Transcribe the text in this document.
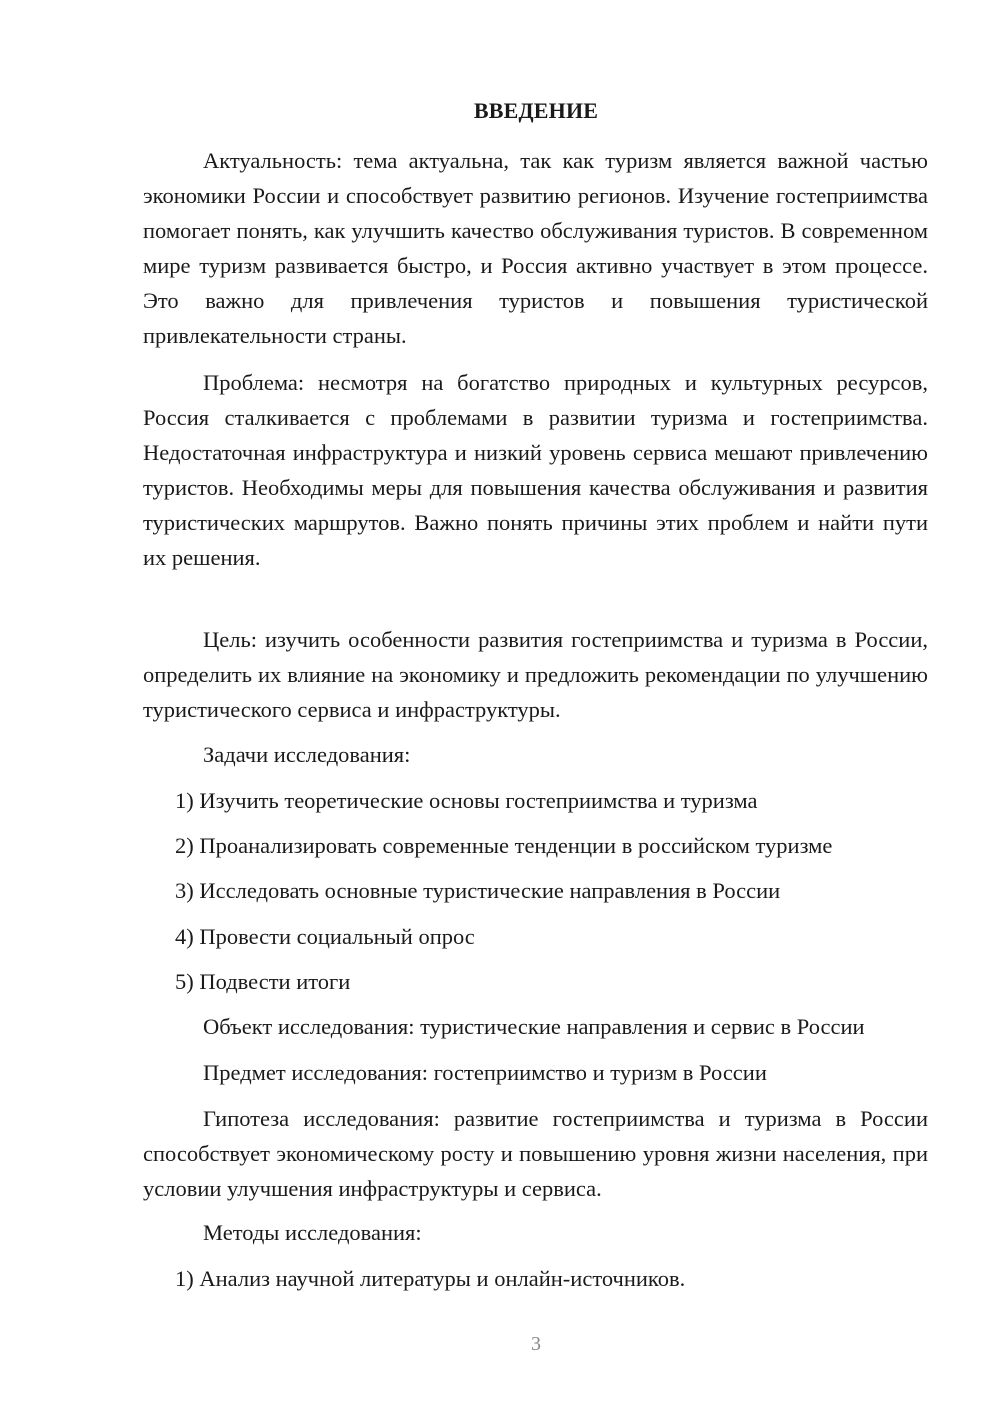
ВВЕДЕНИЕ

Актуальность: тема актуальна, так как туризм является важной частью экономики России и способствует развитию регионов. Изучение гостеприимства помогает понять, как улучшить качество обслуживания туристов. В современном мире туризм развивается быстро, и Россия активно участвует в этом процессе. Это важно для привлечения туристов и повышения туристической привлекательности страны.

Проблема: несмотря на богатство природных и культурных ресурсов, Россия сталкивается с проблемами в развитии туризма и гостеприимства. Недостаточная инфраструктура и низкий уровень сервиса мешают привлечению туристов. Необходимы меры для повышения качества обслуживания и развития туристических маршрутов. Важно понять причины этих проблем и найти пути их решения.

Цель: изучить особенности развития гостеприимства и туризма в России, определить их влияние на экономику и предложить рекомендации по улучшению туристического сервиса и инфраструктуры.

Задачи исследования:

1) Изучить теоретические основы гостеприимства и туризма

2) Проанализировать современные тенденции в российском туризме

3) Исследовать основные туристические направления в России

4) Провести социальный опрос

5) Подвести итоги

Объект исследования: туристические направления и сервис в России

Предмет исследования: гостеприимство и туризм в России

Гипотеза исследования: развитие гостеприимства и туризма в России способствует экономическому росту и повышению уровня жизни населения, при условии улучшения инфраструктуры и сервиса.

Методы исследования:

1) Анализ научной литературы и онлайн-источников.

3
